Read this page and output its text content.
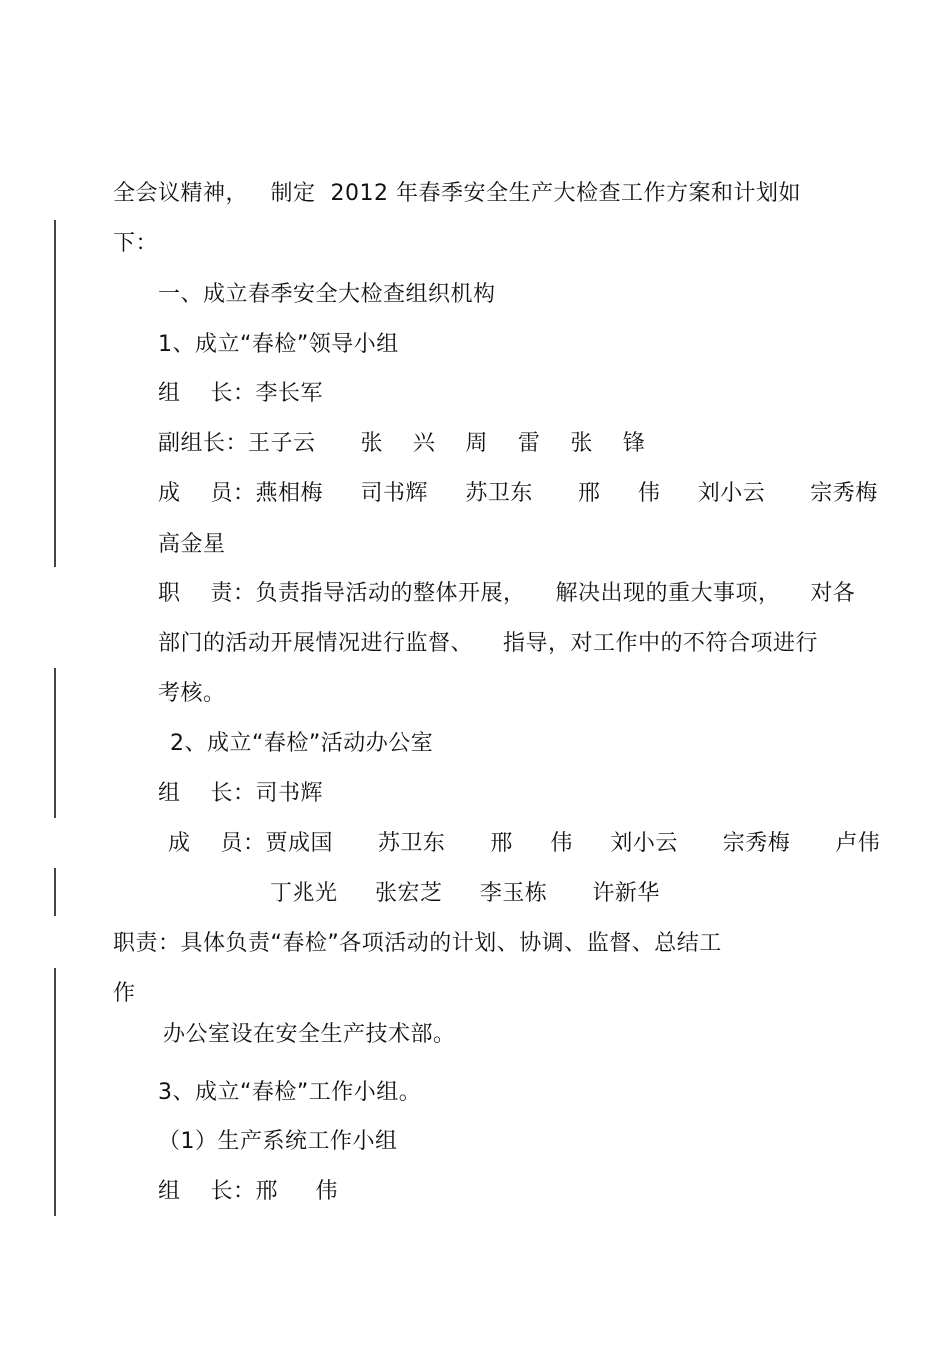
全会议精神，   制定  2012 年春季安全生产大检查工作方案和计划如
下：
一、成立春季安全大检查组织机构
1、成立“春检”领导小组
组    长：李长军
副组长：王子云      张    兴    周    雷    张    锋
成    员：燕相梅     司书辉     苏卫东      邢     伟     刘小云      宗秀梅
高金星
职    责：负责指导活动的整体开展，    解决出现的重大事项，    对各
部门的活动开展情况进行监督、    指导，对工作中的不符合项进行
考核。
2、成立“春检”活动办公室
组    长：司书辉
成    员：贾成国      苏卫东      邢     伟     刘小云      宗秀梅      卢伟
丁兆光     张宏芝     李玉栋      许新华
职责：具体负责“春检”各项活动的计划、协调、监督、总结工
作
办公室设在安全生产技术部。
3、成立“春检”工作小组。
（1）生产系统工作小组
组    长：邢     伟
